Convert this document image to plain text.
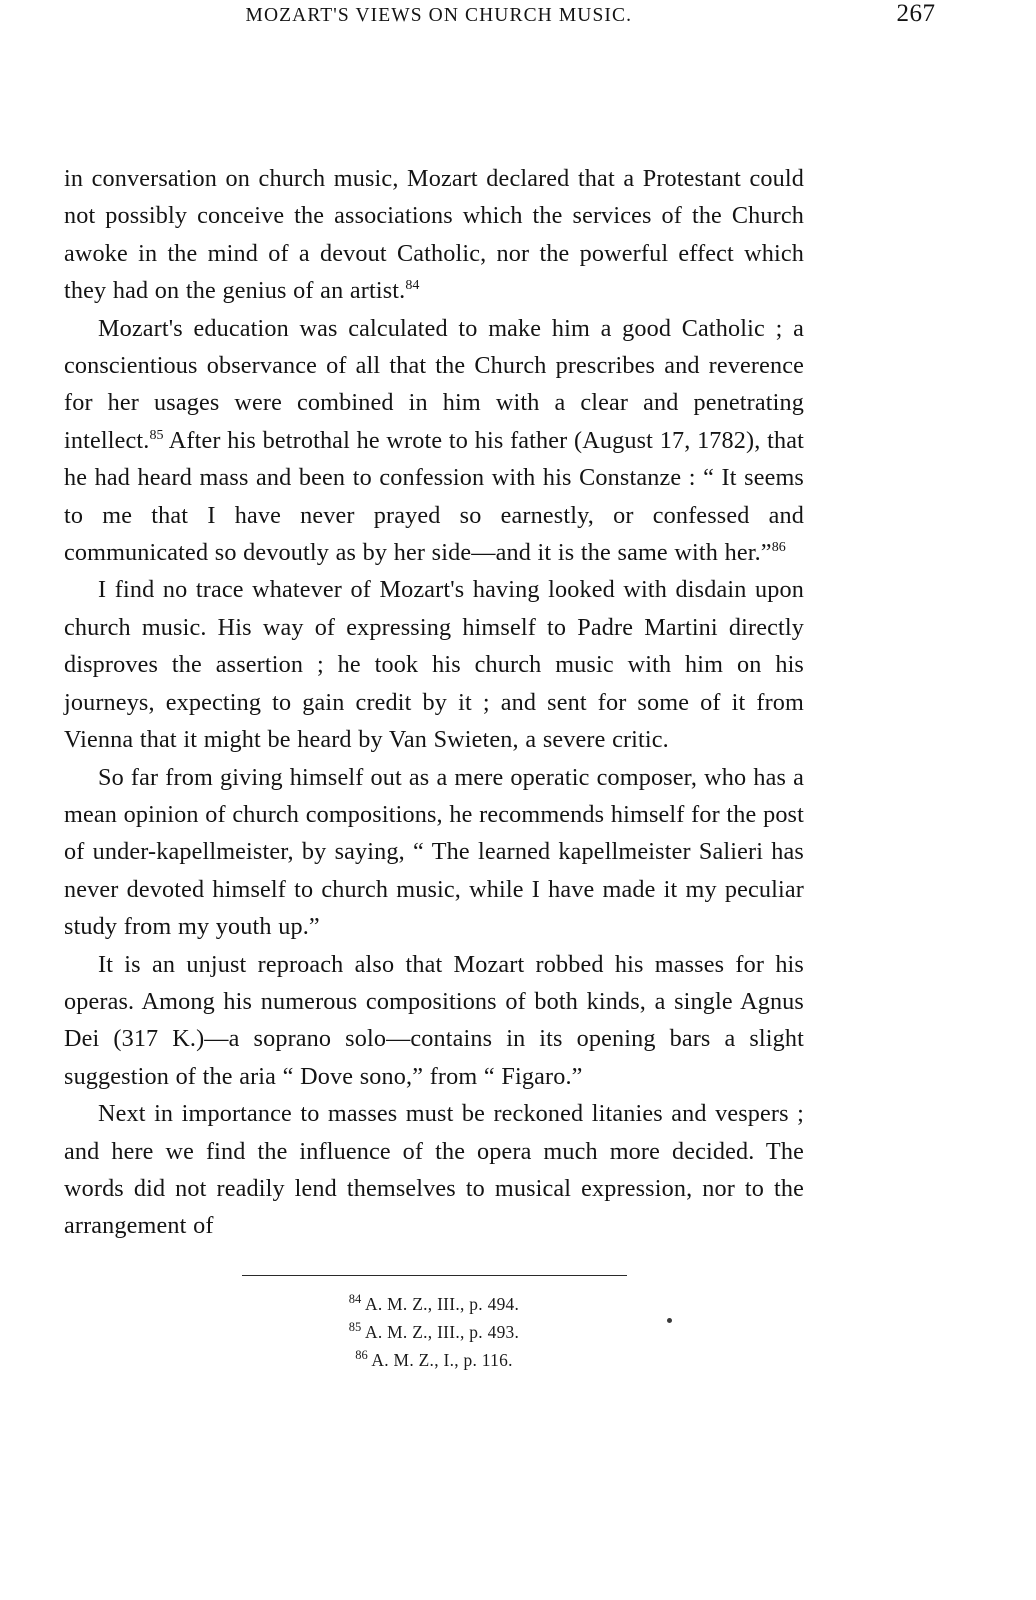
MOZART'S VIEWS ON CHURCH MUSIC.	267

in conversation on church music, Mozart declared that a Protestant could not possibly conceive the associations which the services of the Church awoke in the mind of a devout Catholic, nor the powerful effect which they had on the genius of an artist.$^{84}$

Mozart's education was calculated to make him a good Catholic ; a conscientious observance of all that the Church prescribes and reverence for her usages were combined in him with a clear and penetrating intellect.$^{85}$ After his betrothal he wrote to his father (August 17, 1782), that he had heard mass and been to confession with his Constanze : “ It seems to me that I have never prayed so earnestly, or confessed and communicated so devoutly as by her side—and it is the same with her.”$^{86}$

I find no trace whatever of Mozart's having looked with disdain upon church music. His way of expressing himself to Padre Martini directly disproves the assertion ; he took his church music with him on his journeys, expecting to gain credit by it ; and sent for some of it from Vienna that it might be heard by Van Swieten, a severe critic.

So far from giving himself out as a mere operatic composer, who has a mean opinion of church compositions, he recommends himself for the post of under-kapellmeister, by saying, “ The learned kapellmeister Salieri has never devoted himself to church music, while I have made it my peculiar study from my youth up.”

It is an unjust reproach also that Mozart robbed his masses for his operas. Among his numerous compositions of both kinds, a single Agnus Dei (317 K.)—a soprano solo—contains in its opening bars a slight suggestion of the aria “ Dove sono,” from “ Figaro.”

Next in importance to masses must be reckoned litanies and vespers ; and here we find the influence of the opera much more decided. The words did not readily lend themselves to musical expression, nor to the arrangement of

$^{84}$ A. M. Z., III., p. 494.
$^{85}$ A. M. Z., III., p. 493.
$^{86}$ A. M. Z., I., p. 116.
